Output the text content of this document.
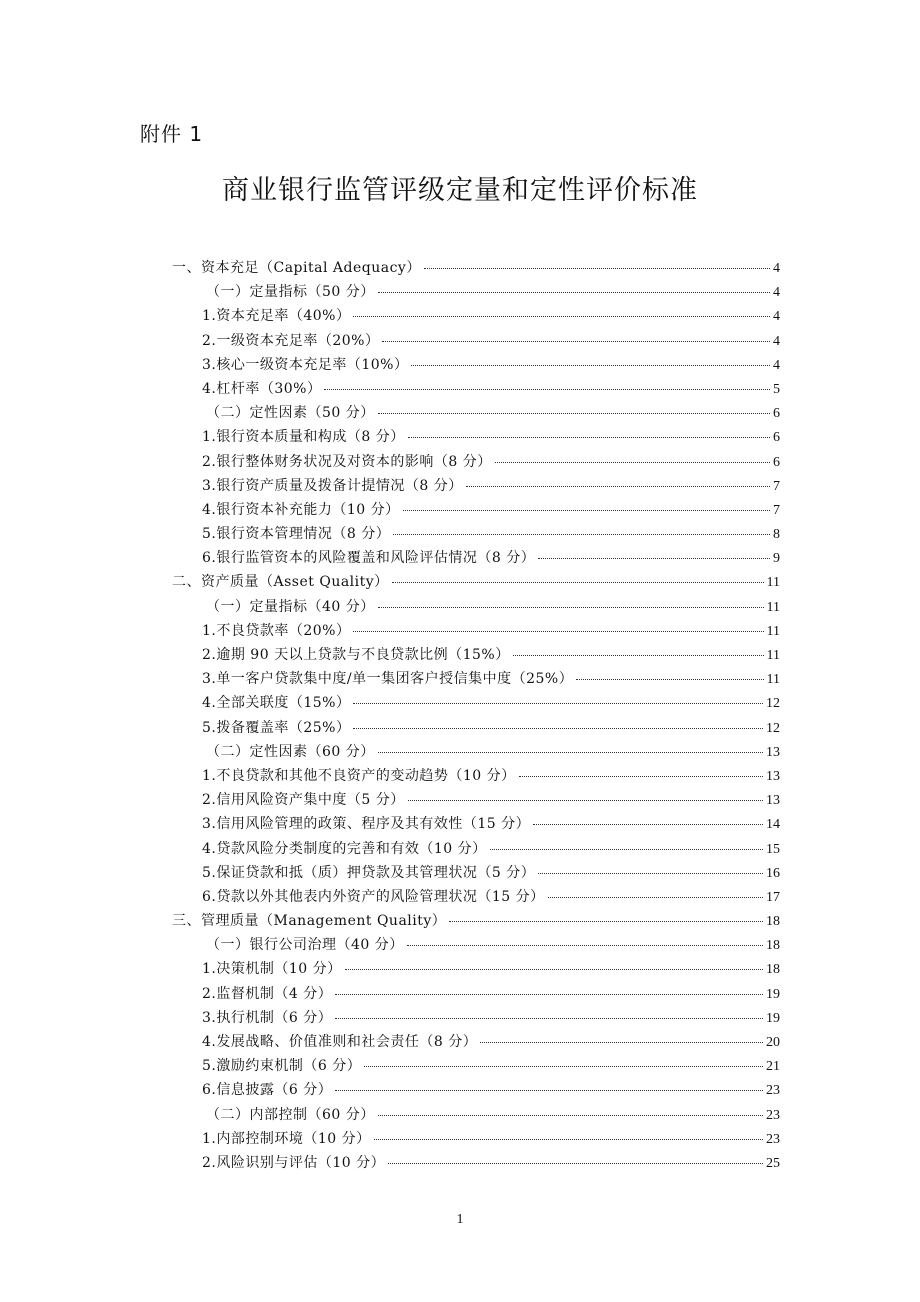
附件 1
商业银行监管评级定量和定性评价标准
一、资本充足（Capital Adequacy）	4
（一）定量指标（50 分）	4
1.资本充足率（40%）	4
2.一级资本充足率（20%）	4
3.核心一级资本充足率（10%）	4
4.杠杆率（30%）	5
（二）定性因素（50 分）	6
1.银行资本质量和构成（8 分）	6
2.银行整体财务状况及对资本的影响（8 分）	6
3.银行资产质量及拨备计提情况（8 分）	7
4.银行资本补充能力（10 分）	7
5.银行资本管理情况（8 分）	8
6.银行监管资本的风险覆盖和风险评估情况（8 分）	9
二、资产质量（Asset Quality）	11
（一）定量指标（40 分）	11
1.不良贷款率（20%）	11
2.逾期 90 天以上贷款与不良贷款比例（15%）	11
3.单一客户贷款集中度/单一集团客户授信集中度（25%）	11
4.全部关联度（15%）	12
5.拨备覆盖率（25%）	12
（二）定性因素（60 分）	13
1.不良贷款和其他不良资产的变动趋势（10 分）	13
2.信用风险资产集中度（5 分）	13
3.信用风险管理的政策、程序及其有效性（15 分）	14
4.贷款风险分类制度的完善和有效（10 分）	15
5.保证贷款和抵（质）押贷款及其管理状况（5 分）	16
6.贷款以外其他表内外资产的风险管理状况（15 分）	17
三、管理质量（Management Quality）	18
（一）银行公司治理（40 分）	18
1.决策机制（10 分）	18
2.监督机制（4 分）	19
3.执行机制（6 分）	19
4.发展战略、价值准则和社会责任（8 分）	20
5.激励约束机制（6 分）	21
6.信息披露（6 分）	23
（二）内部控制（60 分）	23
1.内部控制环境（10 分）	23
2.风险识别与评估（10 分）	25
1
